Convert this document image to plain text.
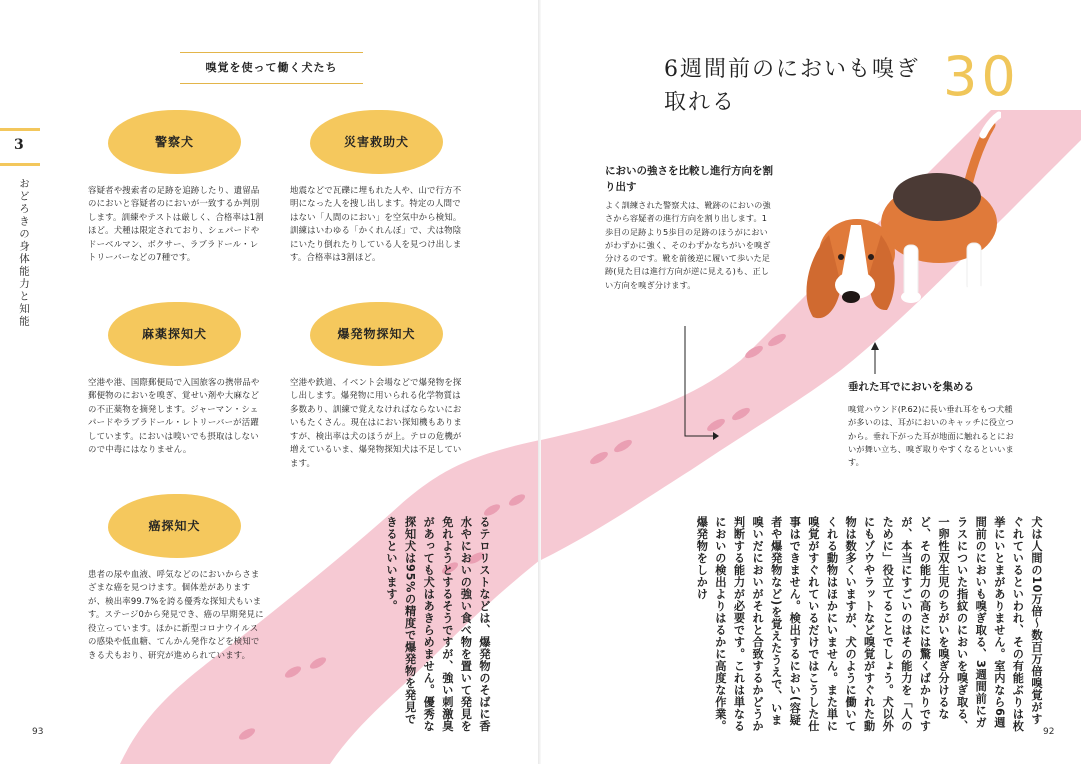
嗅覚を使って働く犬たち
3
おどろきの身体能力と知能
警察犬
容疑者や捜索者の足跡を追跡したり、遺留品のにおいと容疑者のにおいが一致するか判別します。訓練やテストは厳しく、合格率は1割ほど。犬種は限定されており、シェパードやドーベルマン、ボクサー、ラブラドール・レトリーバーなどの7種です。
災害救助犬
地震などで瓦礫に埋もれた人や、山で行方不明になった人を捜し出します。特定の人間ではない「人間のにおい」を空気中から検知。訓練はいわゆる「かくれんぼ」で、犬は物陰にいたり倒れたりしている人を見つけ出します。合格率は3割ほど。
麻薬探知犬
空港や港、国際郵便局で入国旅客の携帯品や郵便物のにおいを嗅ぎ、覚せい剤や大麻などの不正薬物を摘発します。ジャーマン・シェパードやラブラドール・レトリーバーが活躍しています。においは嗅いでも摂取はしないので中毒にはなりません。
爆発物探知犬
空港や鉄道、イベント会場などで爆発物を探し出します。爆発物に用いられる化学物質は多数あり、訓練で覚えなければならないにおいもたくさん。現在はにおい探知機もありますが、検出率は犬のほうが上。テロの危機が増えているいま、爆発物探知犬は不足しています。
癌探知犬
患者の尿や血液、呼気などのにおいからさまざまな癌を見つけます。個体差がありますが、検出率99.7%を誇る優秀な探知犬もいます。ステージ0から発見でき、癌の早期発見に役立っています。ほかに新型コロナウイルスの感染や低血糖、てんかん発作などを検知できる犬もおり、研究が進められています。	るテロリストなどは、爆発物のそばに香水やにおいの強い食べ物を置いて発見を免れようとするそうですが、強い刺激臭があっても犬はあきらめません。優秀な探知犬は95%の精度で爆発物を発見できるといいます。
93
6週間前のにおいも嗅ぎ取れる	30
においの強さを比較し進行方向を割り出す
よく訓練された警察犬は、靴跡のにおいの強さから容疑者の進行方向を割り出します。1歩目の足跡より5歩目の足跡のほうがにおいがわずかに強く、そのわずかなちがいを嗅ぎ分けるのです。靴を前後逆に履いて歩いた足跡(見た目は進行方向が逆に見える)も、正しい方向を嗅ぎ分けます。
垂れた耳でにおいを集める
嗅覚ハウンド(P.62)に長い垂れ耳をもつ犬種が多いのは、耳がにおいのキャッチに役立つから。垂れ下がった耳が地面に触れるとにおいが舞い立ち、嗅ぎ取りやすくなるといいます。
犬は人間の10万倍〜数百万倍嗅覚がすぐれているといわれ、その有能ぶりは枚挙にいとまがありません。室内なら6週間前のにおいも嗅ぎ取る、3週間前にガラスについた指紋のにおいを嗅ぎ取る、一卵性双生児のちがいを嗅ぎ分けるなど、その能力の高さには驚くばかりですが、本当にすごいのはその能力を「人のために」役立てることでしょう。犬以外にもゾウやラットなど嗅覚がすぐれた動物は数多くいますが、犬のように働いてくれる動物はほかにいません。また単に嗅覚がすぐれているだけではこうした仕事はできません。検出するにおい(容疑者や爆発物など)を覚えたうえで、いま嗅いだにおいがそれと合致するかどうか判断する能力が必要です。これは単なるにおいの検出よりはるかに高度な作業。爆発物をしかけ
92
